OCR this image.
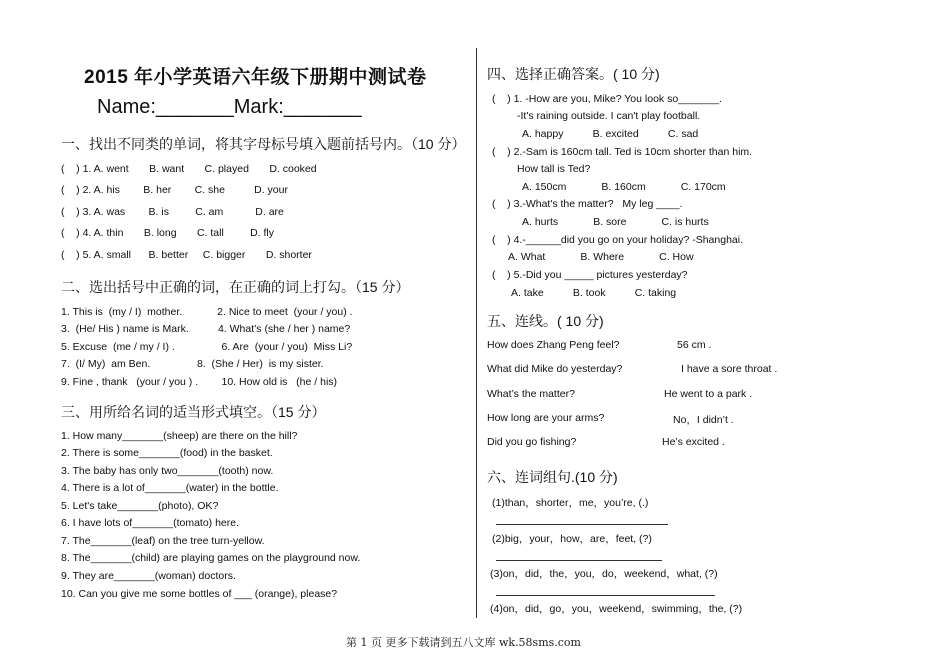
2015 年小学英语六年级下册期中测试卷
Name:_______Mark:_______
一、找出不同类的单词，将其字母标号填入题前括号内。（10 分）
(    ) 1. A. went       B. want       C. played       D. cooked
(    ) 2. A. his        B. her        C. she          D. your
(    ) 3. A. was        B. is         C. am           D. are
(    ) 4. A. thin       B. long       C. tall         D. fly
(    ) 5. A. small      B. better     C. bigger       D. shorter
二、选出括号中正确的词，在正确的词上打勾。（15 分）
1. This is  (my / I)  mother.            2. Nice to meet  (your / you) .
3.  (He/ His ) name is Mark.          4. What’s (she / her ) name?
5. Excuse  (me / my / I) .                6. Are  (your / you)  Miss Li?
7.  (I/ My)  am Ben.                8.  (She / Her)  is my sister.
9. Fine , thank   (your / you ) .        10. How old is   (he / his)
三、用所给名词的适当形式填空。（15 分）
1. How many_______(sheep) are there on the hill?
2. There is some_______(food) in the basket.
3. The baby has only two_______(tooth) now.
4. There is a lot of_______(water) in the bottle.
5. Let's take_______(photo), OK?
6. I have lots of_______(tomato) here.
7. The_______(leaf) on the tree turn-yellow.
8. The_______(child) are playing games on the playground now.
9. They are_______(woman) doctors.
10. Can you give me some bottles of ___ (orange), please?
四、选择正确答案。( 10 分)
(    ) 1. -How are you, Mike? You look so_______.
-It's raining outside. I can't play football.
A. happy          B. excited          C. sad
(    ) 2.-Sam is 160cm tall. Ted is 10cm shorter than him.
How tall is Ted?
A. 150cm            B. 160cm            C. 170cm
(    ) 3.-What's the matter?   My leg ____.
A. hurts            B. sore            C. is hurts
(    ) 4.-______did you go on your holiday? -Shanghai.
A. What            B. Where            C. How
(    ) 5.-Did you _____ pictures yesterday?
A. take          B. took          C. taking
五、连线。( 10 分)
How does Zhang Peng feel?	56 cm .
What did Mike do yesterday?	I have a sore throat .
What’s the matter?	He went to a park .
How long are your arms?	No，I didn’t .
Did you go fishing?	He’s excited .
六、连词组句.(10 分)
(1)than，shorter，me，you’re, (.)
(2)big，your，how，are，feet, (?)
(3)on，did，the，you，do，weekend，what, (?)
(4)on，did，go，you，weekend，swimming，the, (?)
第 1 页 更多下载请到五八文库 wk.58sms.com
